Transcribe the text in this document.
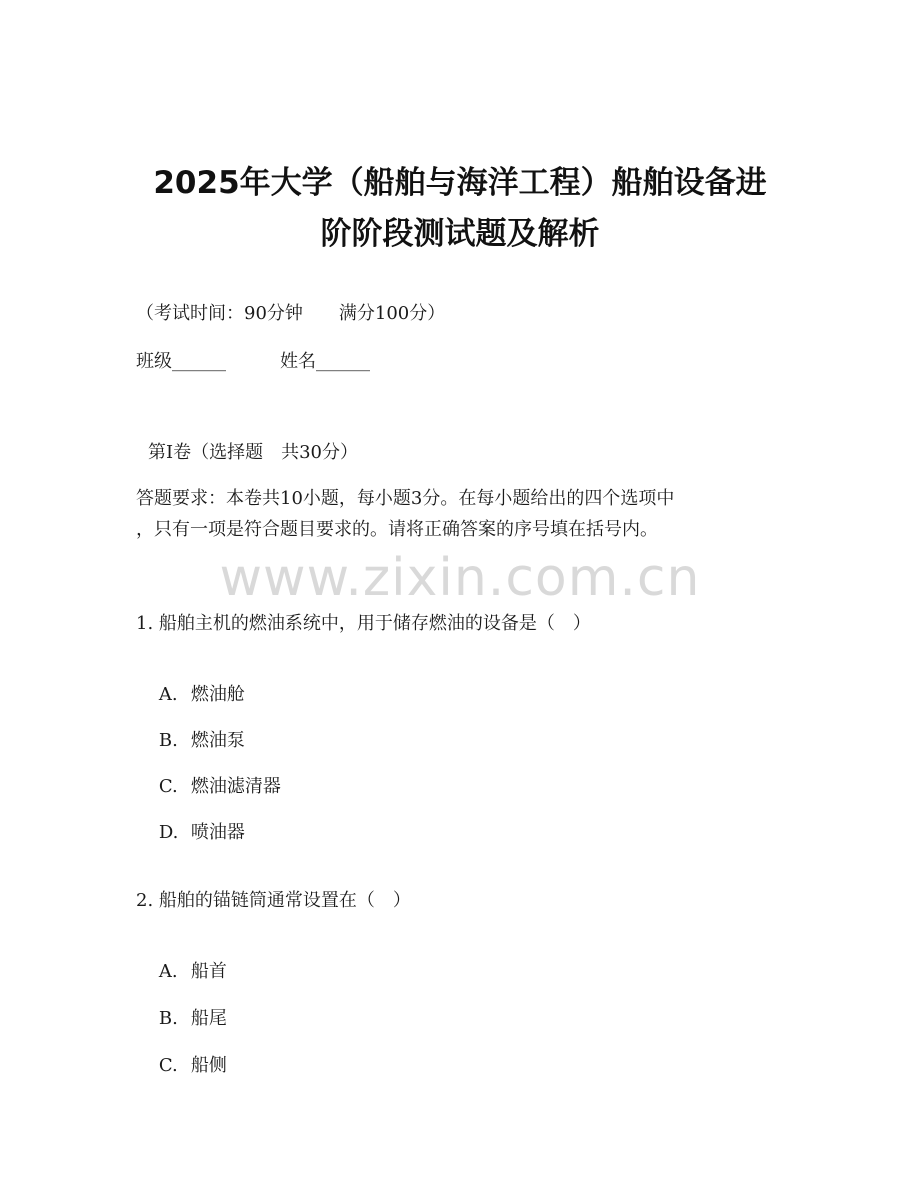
2025年大学（船舶与海洋工程）船舶设备进
阶阶段测试题及解析
（考试时间：90分钟　　满分100分）
班级______　　　姓名______
第I卷（选择题　共30分）
答题要求：本卷共10小题，每小题3分。在每小题给出的四个选项中
，只有一项是符合题目要求的。请将正确答案的序号填在括号内。
www.zixin.com.cn
1. 船舶主机的燃油系统中，用于储存燃油的设备是（　）

A. 燃油舱

B. 燃油泵

C. 燃油滤清器

D. 喷油器

2. 船舶的锚链筒通常设置在（　）

A. 船首

B. 船尾

C. 船侧
